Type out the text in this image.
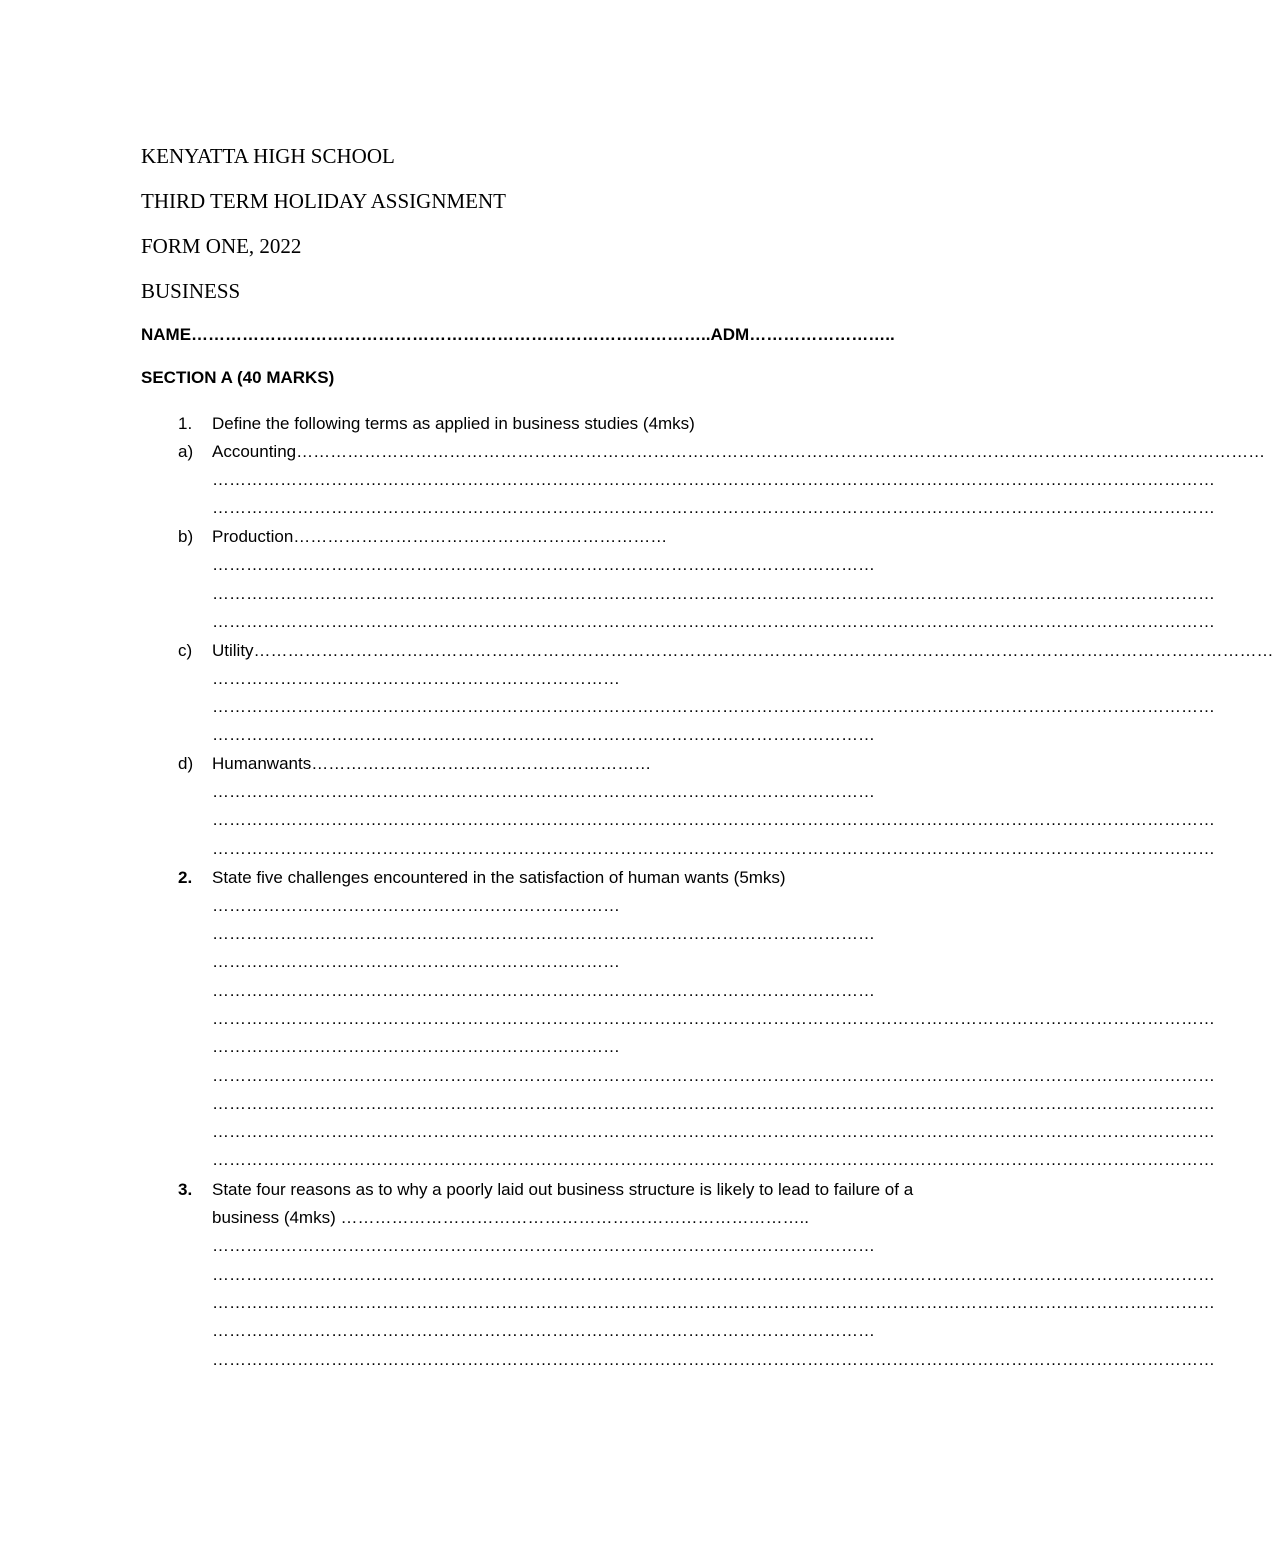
KENYATTA HIGH SCHOOL
THIRD TERM HOLIDAY ASSIGNMENT
FORM ONE, 2022
BUSINESS
NAME………………………………………………………………………………..ADM……………………..
SECTION A (40 MARKS)
1. Define the following terms as applied in business studies (4mks)
a) Accounting………………………………………………………………………………………………………………………………………………………
……………………………………………………………………………………………………………………………………………………………
……………………………………………………………………………………………………………………………………………………………
b) Production…………………………………………………………
………………………………………………………………………………………………………
……………………………………………………………………………………………………………………………………………………………
……………………………………………………………………………………………………………………………………………………………
c) Utility………………………………………………………………………………………………………………………………………………………………
………………………………………………………………
……………………………………………………………………………………………………………………………………………………………
………………………………………………………………………………………………………
d) Humanwants……………………………………………………
………………………………………………………………………………………………………
……………………………………………………………………………………………………………………………………………………………
……………………………………………………………………………………………………………………………………………………………
2. State five challenges encountered in the satisfaction of human wants (5mks)
………………………………………………………………
………………………………………………………………………………………………………
………………………………………………………………
………………………………………………………………………………………………………
……………………………………………………………………………………………………………………………………………………………
………………………………………………………………
……………………………………………………………………………………………………………………………………………………………
……………………………………………………………………………………………………………………………………………………………
……………………………………………………………………………………………………………………………………………………………
……………………………………………………………………………………………………………………………………………………………
3. State four reasons as to why a poorly laid out business structure is likely to lead to failure of a
business (4mks) ………………………………………………………………………..
………………………………………………………………………………………………………
……………………………………………………………………………………………………………………………………………………………
……………………………………………………………………………………………………………………………………………………………
………………………………………………………………………………………………………
……………………………………………………………………………………………………………………………………………………………
